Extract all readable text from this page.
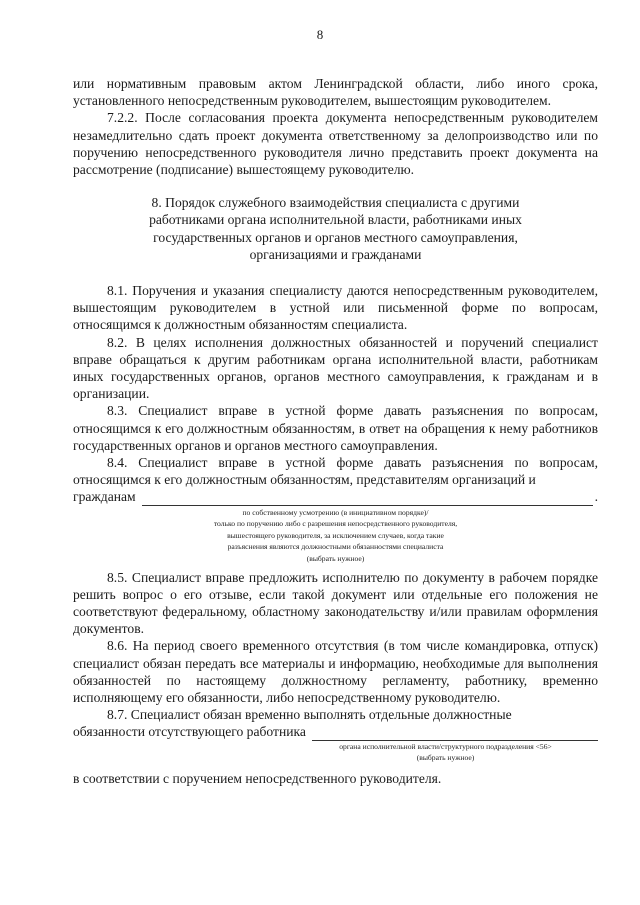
8

или нормативным правовым актом Ленинградской области, либо иного срока, установленного непосредственным руководителем, вышестоящим руководителем.

7.2.2. После согласования проекта документа непосредственным руководителем незамедлительно сдать проект документа ответственному за делопроизводство или по поручению непосредственного руководителя лично представить проект документа на рассмотрение (подписание) вышестоящему руководителю.

8. Порядок служебного взаимодействия специалиста с другими
работниками органа исполнительной власти, работниками иных
государственных органов и органов местного самоуправления,
организациями и гражданами

8.1. Поручения и указания специалисту даются непосредственным руководителем, вышестоящим руководителем в устной или письменной форме по вопросам, относящимся к должностным обязанностям специалиста.

8.2. В целях исполнения должностных обязанностей и поручений специалист вправе обращаться к другим работникам органа исполнительной власти, работникам иных государственных органов, органов местного самоуправления, к гражданам и в организации.

8.3. Специалист вправе в устной форме давать разъяснения по вопросам, относящимся к его должностным обязанностям, в ответ на обращения к нему работников государственных органов и органов местного самоуправления.

8.4. Специалист вправе в устной форме давать разъяснения по вопросам, относящимся к его должностным обязанностям, представителям организаций и

гражданам	.
по собственному усмотрению (в инициативном порядке)/
только по поручению либо с разрешения непосредственного руководителя,
вышестоящего руководителя, за исключением случаев, когда такие
разъяснения являются должностными обязанностями специалиста
(выбрать нужное)

8.5. Специалист вправе предложить исполнителю по документу в рабочем порядке решить вопрос о его отзыве, если такой документ или отдельные его положения не соответствуют федеральному, областному законодательству и/или правилам оформления документов.

8.6. На период своего временного отсутствия (в том числе командировка, отпуск) специалист обязан передать все материалы и информацию, необходимые для выполнения обязанностей по настоящему должностному регламенту, работнику, временно исполняющему его обязанности, либо непосредственному руководителю.

8.7. Специалист обязан временно выполнять отдельные должностные

обязанности отсутствующего работника
органа исполнительной власти/структурного подразделения <56>
(выбрать нужное)

в соответствии с поручением непосредственного руководителя.
